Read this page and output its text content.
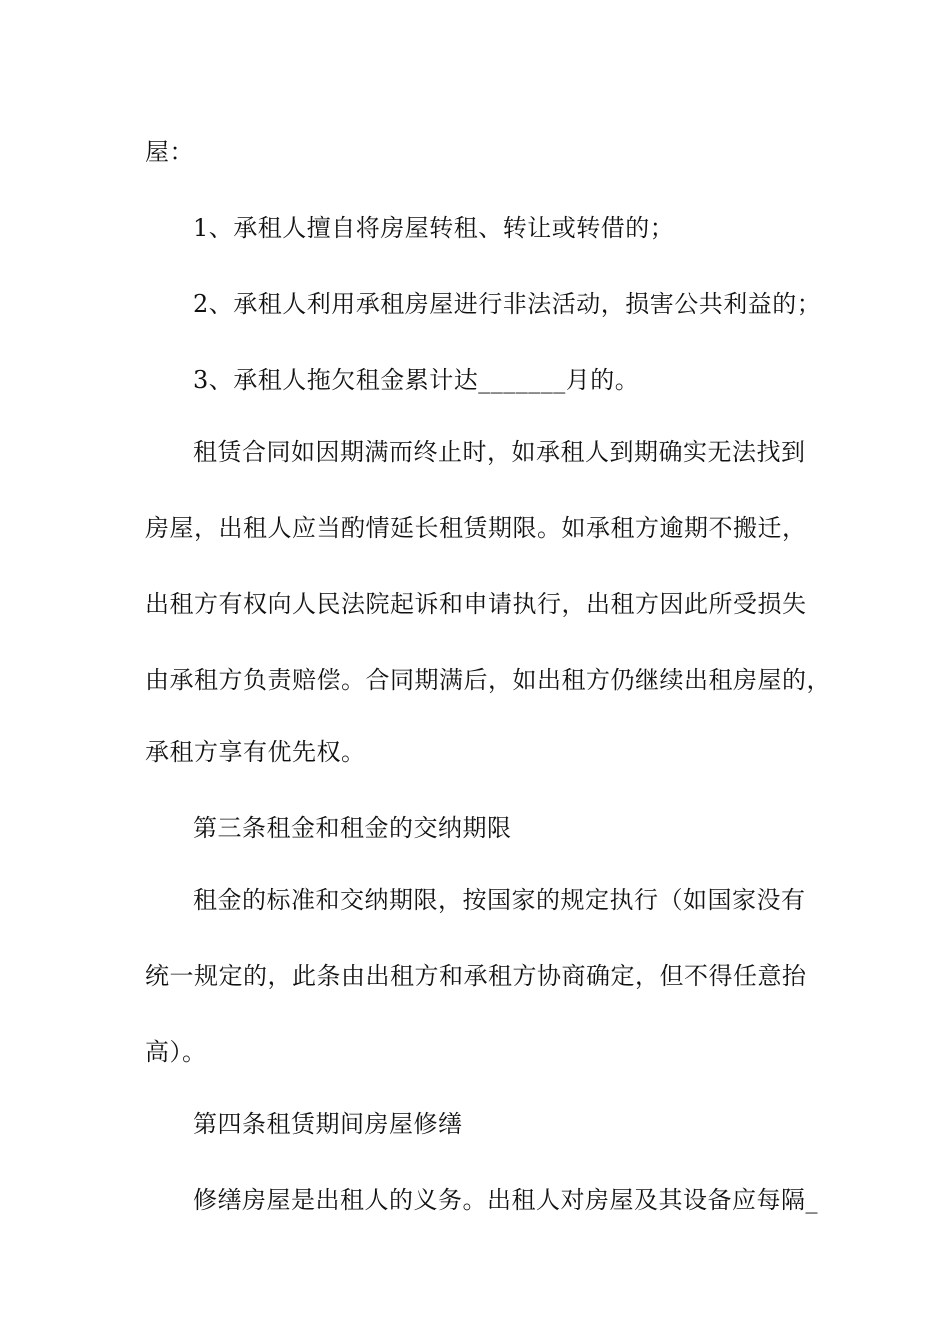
屋：
1、承租人擅自将房屋转租、转让或转借的；
2、承租人利用承租房屋进行非法活动，损害公共利益的；
3、承租人拖欠租金累计达_______月的。
租赁合同如因期满而终止时，如承租人到期确实无法找到
房屋，出租人应当酌情延长租赁期限。如承租方逾期不搬迁，
出租方有权向人民法院起诉和申请执行，出租方因此所受损失
由承租方负责赔偿。合同期满后，如出租方仍继续出租房屋的，
承租方享有优先权。
第三条租金和租金的交纳期限
租金的标准和交纳期限，按国家的规定执行（如国家没有
统一规定的，此条由出租方和承租方协商确定，但不得任意抬
高）。
第四条租赁期间房屋修缮
修缮房屋是出租人的义务。出租人对房屋及其设备应每隔_
